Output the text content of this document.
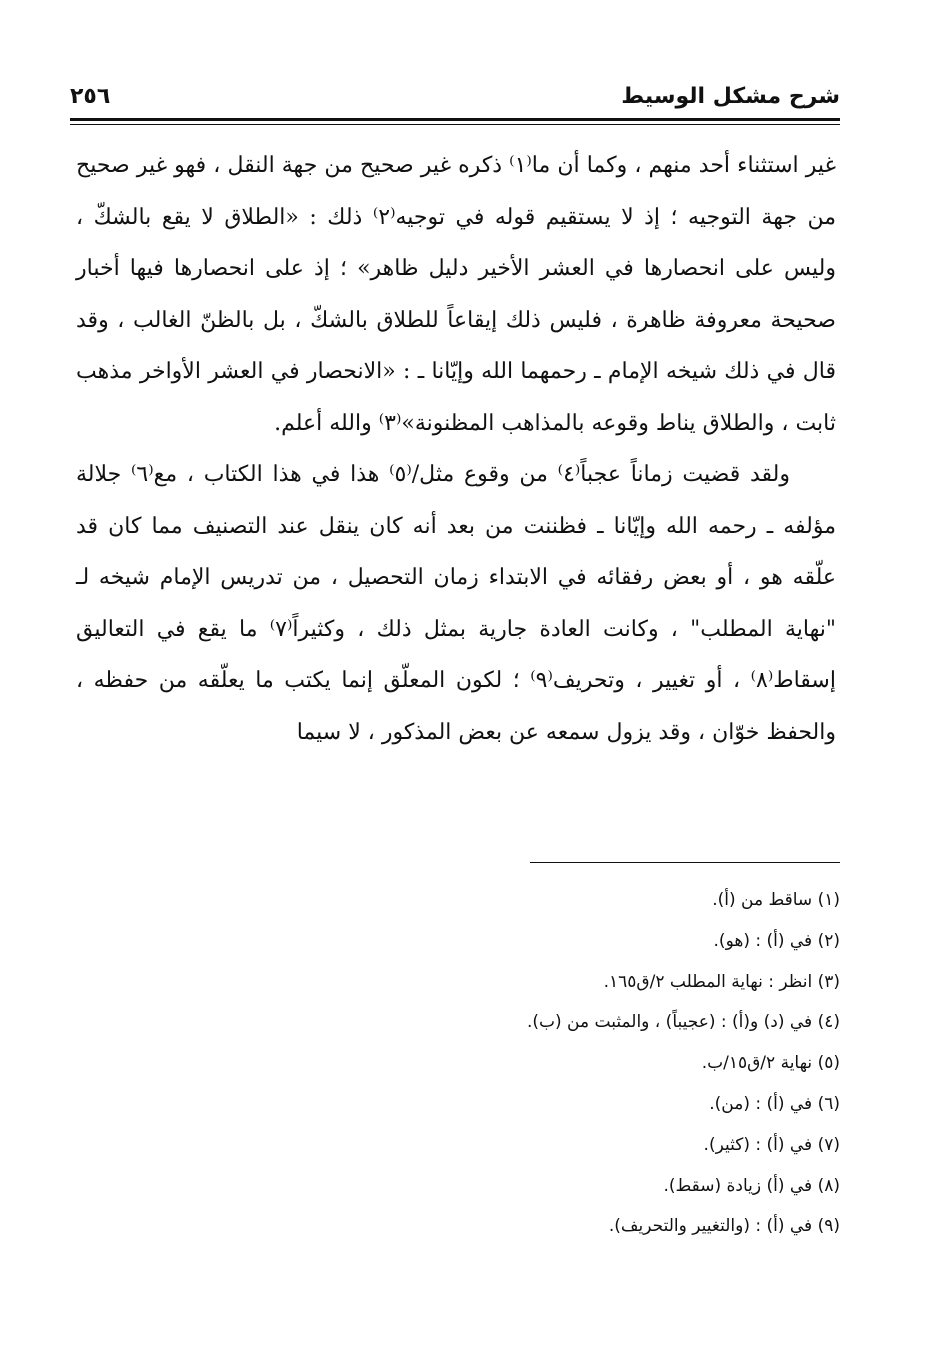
٢٥٦	شرح مشكل الوسيط

غير استثناء أحد منهم ، وكما أن ما⁽١⁾ ذكره غير صحيح من جهة النقل ، فهو غير صحيح من جهة التوجيه ؛ إذ لا يستقيم قوله في توجيه⁽٢⁾ ذلك : «الطلاق لا يقع بالشكّ ، وليس على انحصارها في العشر الأخير دليل ظاهر» ؛ إذ على انحصارها فيها أخبار صحيحة معروفة ظاهرة ، فليس ذلك إيقاعاً للطلاق بالشكّ ، بل بالظنّ الغالب ، وقد قال في ذلك شيخه الإمام ـ رحمهما الله وإيّانا ـ : «الانحصار في العشر الأواخر مذهب ثابت ، والطلاق يناط وقوعه بالمذاهب المظنونة»⁽٣⁾ والله أعلم.

ولقد قضيت زماناً عجباً⁽٤⁾ من وقوع مثل/⁽٥⁾ هذا في هذا الكتاب ، مع⁽٦⁾ جلالة مؤلفه ـ رحمه الله وإيّانا ـ فظننت من بعد أنه كان ينقل عند التصنيف مما كان قد علّقه هو ، أو بعض رفقائه في الابتداء زمان التحصيل ، من تدريس الإمام شيخه لـ "نهاية المطلب" ، وكانت العادة جارية بمثل ذلك ، وكثيراً⁽٧⁾ ما يقع في التعاليق إسقاط⁽٨⁾ ، أو تغيير ، وتحريف⁽٩⁾ ؛ لكون المعلّق إنما يكتب ما يعلّقه من حفظه ، والحفظ خوّان ، وقد يزول سمعه عن بعض المذكور ، لا سيما

(١) ساقط من (أ).
(٢) في (أ) : (هو).
(٣) انظر : نهاية المطلب ٢/ق١٦٥.
(٤) في (د) و(أ) : (عجيباً) ، والمثبت من (ب).
(٥) نهاية ٢/ق١٥/ب.
(٦) في (أ) : (من).
(٧) في (أ) : (كثير).
(٨) في (أ) زيادة (سقط).
(٩) في (أ) : (والتغيير والتحريف).
